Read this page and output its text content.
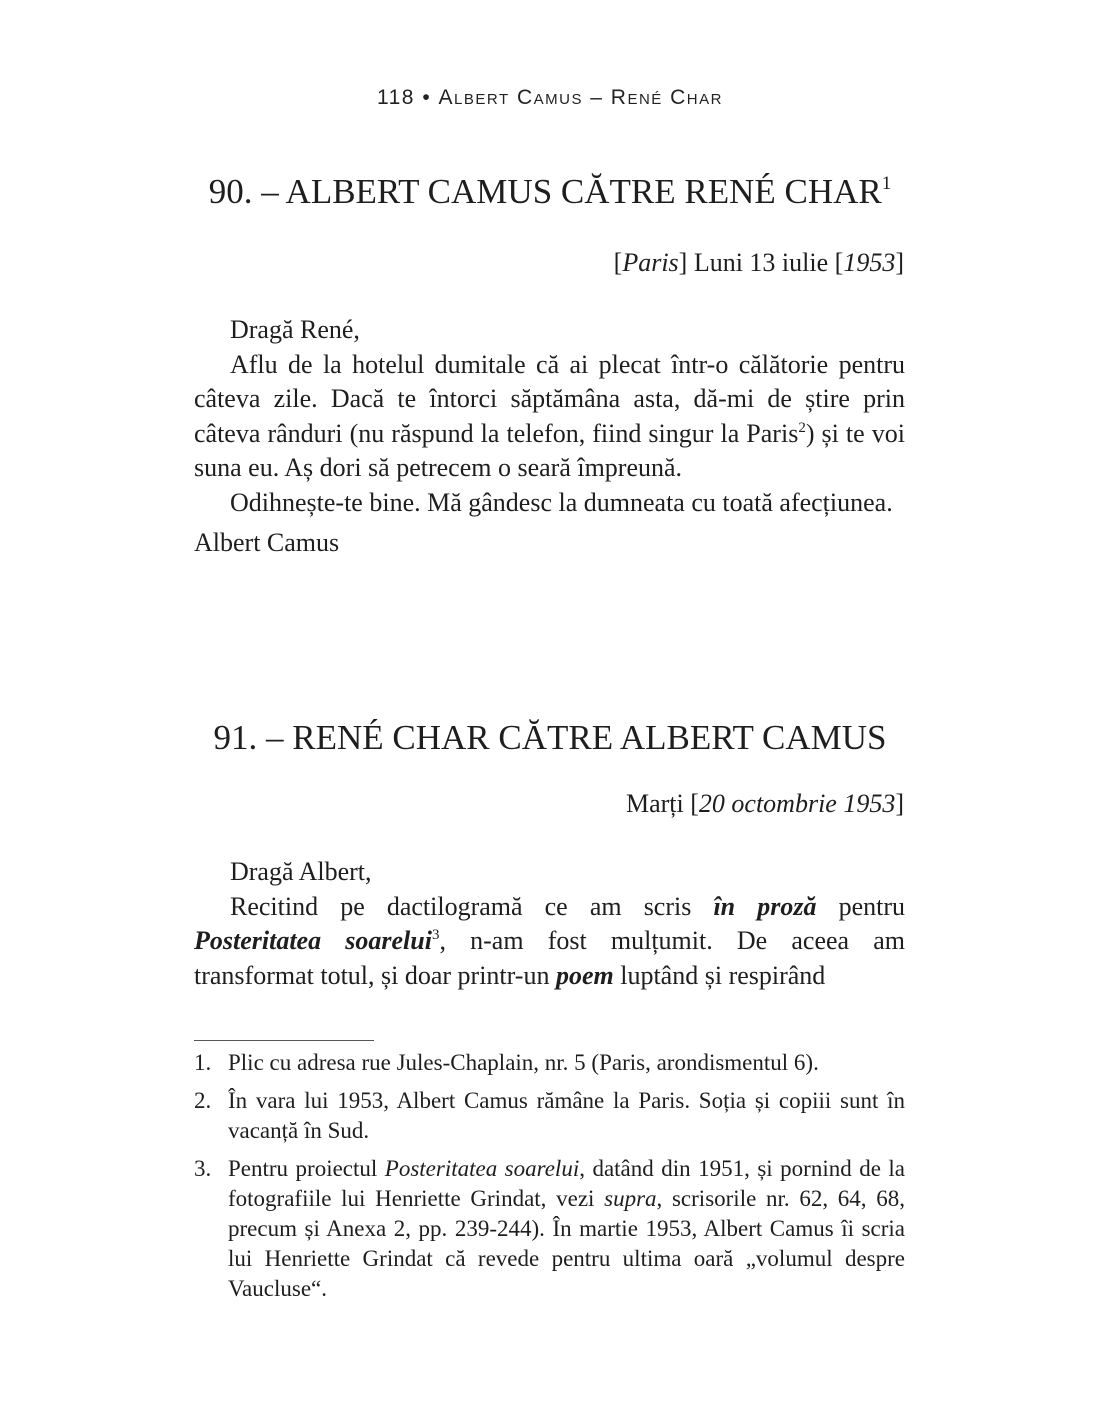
118 • Albert Camus – René Char
90. – ALBERT CAMUS CĂTRE RENÉ CHAR$^1$
[Paris] Luni 13 iulie [1953]

Dragă René,

Aflu de la hotelul dumitale că ai plecat într-o călătorie pentru câteva zile. Dacă te întorci săptămâna asta, dă-mi de știre prin câteva rânduri (nu răspund la telefon, fiind singur la Paris$^2$) și te voi suna eu. Aș dori să petrecem o seară împreună.

Odihnește-te bine. Mă gândesc la dumneata cu toată afecțiunea.

Albert Camus

91. – RENÉ CHAR CĂTRE ALBERT CAMUS
Marți [20 octombrie 1953]

Dragă Albert,

Recitind pe dactilogramă ce am scris în proză pentru Posteritatea soarelui$^3$, n-am fost mulțumit. De aceea am transformat totul, și doar printr-un poem luptând și respirând

1. Plic cu adresa rue Jules-Chaplain, nr. 5 (Paris, arondismentul 6).
2. În vara lui 1953, Albert Camus rămâne la Paris. Soția și copiii sunt în vacanță în Sud.
3. Pentru proiectul Posteritatea soarelui, datând din 1951, și pornind de la fotografiile lui Henriette Grindat, vezi supra, scrisorile nr. 62, 64, 68, precum și Anexa 2, pp. 239-244). În martie 1953, Albert Camus îi scria lui Henriette Grindat că revede pentru ultima oară „volumul despre Vaucluse“.
